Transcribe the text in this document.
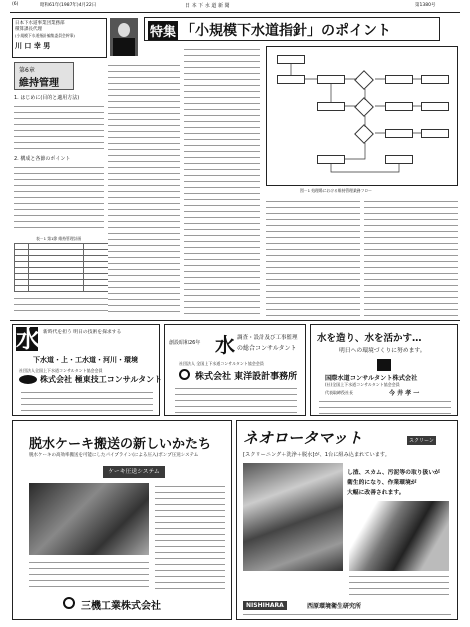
(6)	昭和61年(1987年)4月22日	日 本 下 水 道 新 聞	第1380号
日本下水道事業団業務部
積算課長代理
(小規模下水道指針編集委員会幹事)
川 口 幸 男
特集 「小規模下水道指針」のポイント
第6章
維持管理
1. はじめに(目的と適用方法)
2. 構成と各節のポイント
表－1 第1節 維持管理計画

図－1 処理場における維持管理業務フロー
水 新時代を担う 明日の技術を探求する
下水道・上・工水道・河川・環境
社団法人全国上下水道コンサルタント協会会員
株式会社 極東技工コンサルタント
創設昭和26年 水 調査・設計及び工事監理
の総合コンサルタント
社団法人 全国上下水道コンサルタント協会会員
株式会社 東洋設計事務所
水を造り、水を活かす…
明日への環境づくりに努めます。
国際水道コンサルタント株式会社
(社)全国上下水道コンサルタント協会会員
代表取締役社長	今 井 孝 一
脱水ケーキ搬送の新しいかたち
脱水ケーキの高効率搬送を可能にしたパイプライン(による圧入)ポンプ圧送システム
ケーキ圧送システム
三機工業株式会社
ネオロータマット	スクリーン
[スクリーニング＋洗浄＋脱水]が、1台に組み込まれています。
し渣、スカム、汚泥等の取り扱いが
衛生的になり、作業環境が
大幅に改善されます。
NISHIHARA	西原環境衛生研究所
